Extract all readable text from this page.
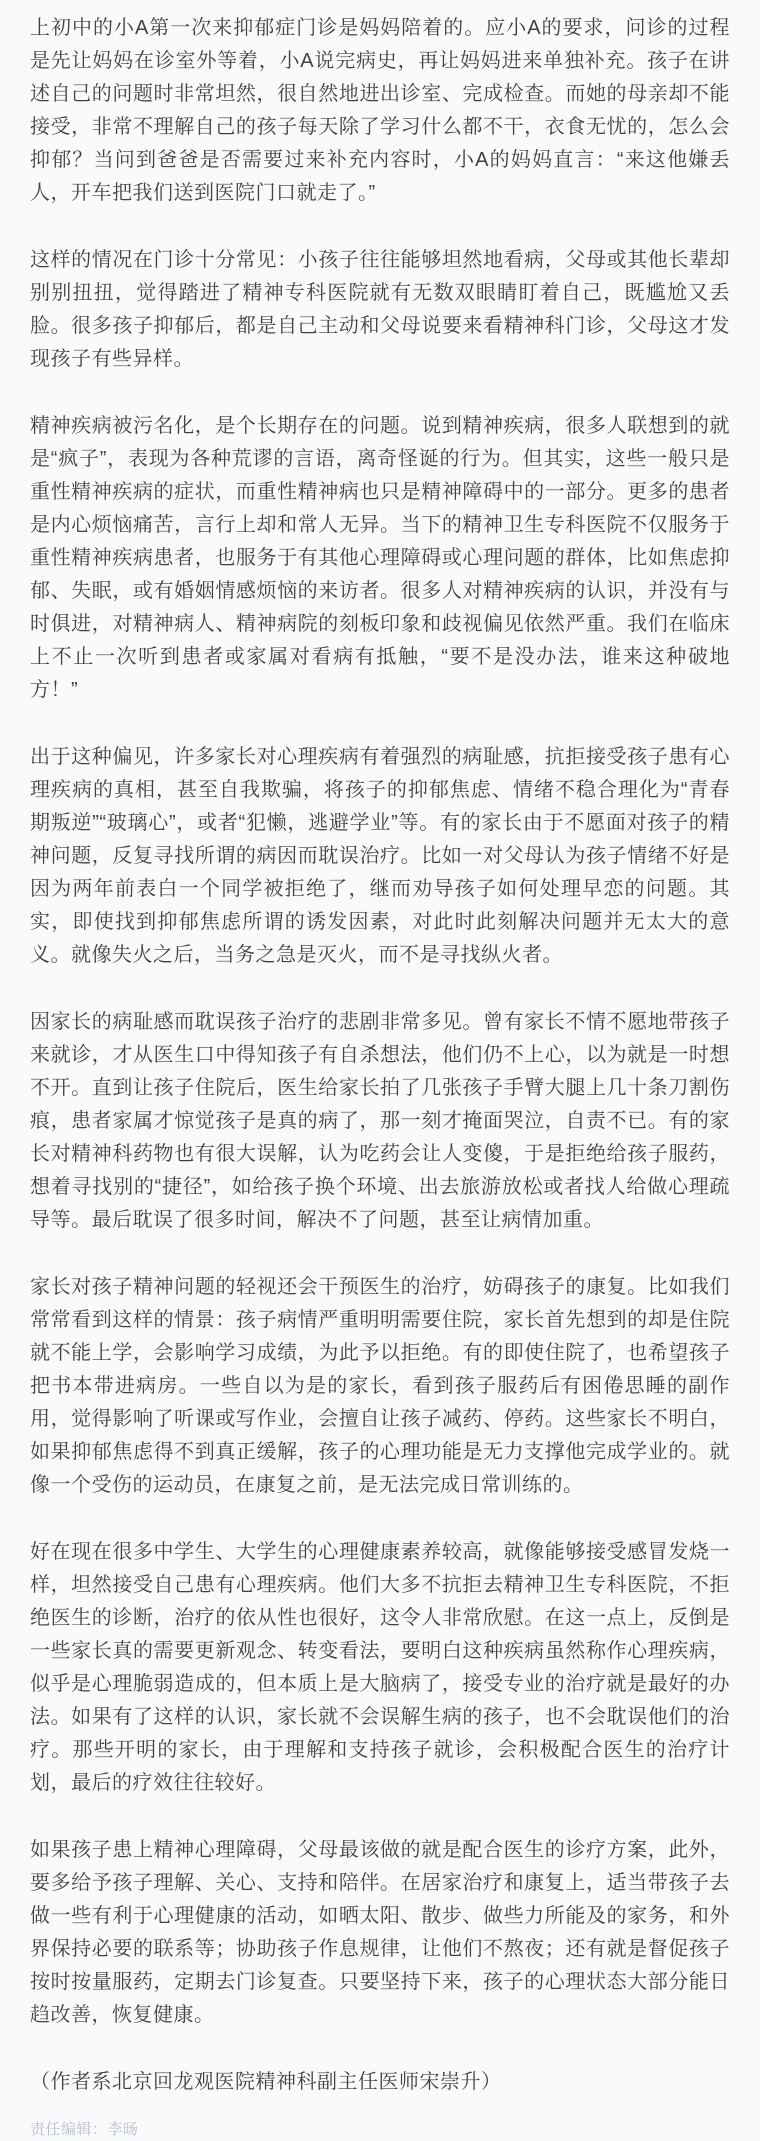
上初中的小A第一次来抑郁症门诊是妈妈陪着的。应小A的要求，问诊的过程是先让妈妈在诊室外等着，小A说完病史，再让妈妈进来单独补充。孩子在讲述自己的问题时非常坦然，很自然地进出诊室、完成检查。而她的母亲却不能接受，非常不理解自己的孩子每天除了学习什么都不干，衣食无忧的，怎么会抑郁？当问到爸爸是否需要过来补充内容时，小A的妈妈直言：“来这他嫌丢人，开车把我们送到医院门口就走了。”

这样的情况在门诊十分常见：小孩子往往能够坦然地看病，父母或其他长辈却别别扭扭，觉得踏进了精神专科医院就有无数双眼睛盯着自己，既尴尬又丢脸。很多孩子抑郁后，都是自己主动和父母说要来看精神科门诊，父母这才发现孩子有些异样。

精神疾病被污名化，是个长期存在的问题。说到精神疾病，很多人联想到的就是“疯子”，表现为各种荒谬的言语，离奇怪诞的行为。但其实，这些一般只是重性精神疾病的症状，而重性精神病也只是精神障碍中的一部分。更多的患者是内心烦恼痛苦，言行上却和常人无异。当下的精神卫生专科医院不仅服务于重性精神疾病患者，也服务于有其他心理障碍或心理问题的群体，比如焦虑抑郁、失眠，或有婚姻情感烦恼的来访者。很多人对精神疾病的认识，并没有与时俱进，对精神病人、精神病院的刻板印象和歧视偏见依然严重。我们在临床上不止一次听到患者或家属对看病有抵触，“要不是没办法，谁来这种破地方！”

出于这种偏见，许多家长对心理疾病有着强烈的病耻感，抗拒接受孩子患有心理疾病的真相，甚至自我欺骗，将孩子的抑郁焦虑、情绪不稳合理化为“青春期叛逆”“玻璃心”，或者“犯懒，逃避学业”等。有的家长由于不愿面对孩子的精神问题，反复寻找所谓的病因而耽误治疗。比如一对父母认为孩子情绪不好是因为两年前表白一个同学被拒绝了，继而劝导孩子如何处理早恋的问题。其实，即使找到抑郁焦虑所谓的诱发因素，对此时此刻解决问题并无太大的意义。就像失火之后，当务之急是灭火，而不是寻找纵火者。

因家长的病耻感而耽误孩子治疗的悲剧非常多见。曾有家长不情不愿地带孩子来就诊，才从医生口中得知孩子有自杀想法，他们仍不上心，以为就是一时想不开。直到让孩子住院后，医生给家长拍了几张孩子手臂大腿上几十条刀割伤痕，患者家属才惊觉孩子是真的病了，那一刻才掩面哭泣，自责不已。有的家长对精神科药物也有很大误解，认为吃药会让人变傻，于是拒绝给孩子服药，想着寻找别的“捷径”，如给孩子换个环境、出去旅游放松或者找人给做心理疏导等。最后耽误了很多时间，解决不了问题，甚至让病情加重。

家长对孩子精神问题的轻视还会干预医生的治疗，妨碍孩子的康复。比如我们常常看到这样的情景：孩子病情严重明明需要住院，家长首先想到的却是住院就不能上学，会影响学习成绩，为此予以拒绝。有的即使住院了，也希望孩子把书本带进病房。一些自以为是的家长，看到孩子服药后有困倦思睡的副作用，觉得影响了听课或写作业，会擅自让孩子减药、停药。这些家长不明白，如果抑郁焦虑得不到真正缓解，孩子的心理功能是无力支撑他完成学业的。就像一个受伤的运动员，在康复之前，是无法完成日常训练的。

好在现在很多中学生、大学生的心理健康素养较高，就像能够接受感冒发烧一样，坦然接受自己患有心理疾病。他们大多不抗拒去精神卫生专科医院，不拒绝医生的诊断，治疗的依从性也很好，这令人非常欣慰。在这一点上，反倒是一些家长真的需要更新观念、转变看法，要明白这种疾病虽然称作心理疾病，似乎是心理脆弱造成的，但本质上是大脑病了，接受专业的治疗就是最好的办法。如果有了这样的认识，家长就不会误解生病的孩子，也不会耽误他们的治疗。那些开明的家长，由于理解和支持孩子就诊，会积极配合医生的治疗计划，最后的疗效往往较好。

如果孩子患上精神心理障碍，父母最该做的就是配合医生的诊疗方案，此外，要多给予孩子理解、关心、支持和陪伴。在居家治疗和康复上，适当带孩子去做一些有利于心理健康的活动，如晒太阳、散步、做些力所能及的家务，和外界保持必要的联系等；协助孩子作息规律，让他们不熬夜；还有就是督促孩子按时按量服药，定期去门诊复查。只要坚持下来，孩子的心理状态大部分能日趋改善，恢复健康。

（作者系北京回龙观医院精神科副主任医师宋崇升）

责任编辑：李旸
